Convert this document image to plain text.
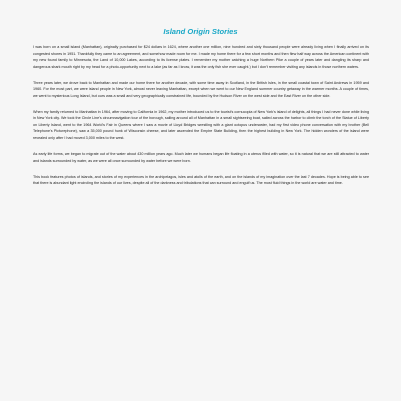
Island Origin Stories

I was born on a small island (Manhattan), originally purchased for $24 dollars in 1624, where another one million, nine hundred and sixty thousand people were already living when I finally arrived on its congested shores in 1951. Thankfully they came to an agreement, and somehow made room for me. I made my home there for a few short months and then flew half way across the American continent with my new found family to Minnesota, the Land of 10,000 Lakes, according to its license plates. I remember my mother catching a huge Northern Pike a couple of years later and dangling its sharp and dangerous shark mouth right by my head for a photo-opportunity next to a lake (as far as I know, it was the only fish she ever caught.) but I don't remember visiting any islands in those northern waters.

Three years later, we drove back to Manhattan and made our home there for another decade, with some time away in Scotland, in the British Isles, in the small coastal town of Saint Andrews in 1959 and 1960. For the most part, we were island people in New York, almost never leaving Manhattan, except when we went to our New England summer country getaway in the warmer months. A couple of times, we went to mysterious Long Island, but ours was a small and very geographically constrained life, bounded by the Hudson River on the west side and the East River on the other side.

When my family returned to Manhattan in 1964, after moving to California in 1962, my mother introduced us to the tourist's cornucopia of New York's island of delights, all things I had never done while living in New York city. We took the Circle Line's circumnavigation tour of the borough, sailing around all of Manhattan in a small sightseeing boat, sailed across the harbor to climb the torch of the Statue of Liberty on Liberty Island, went to the 1964 World's Fair in Queens where I saw a movie of Lloyd Bridges wrestling with a giant octopus underwater, had my first video phone conversation with my brother (Bell Telephone's Picturephone), saw a 35,000 pound hunk of Wisconsin cheese, and later ascended the Empire State Building, then the highest building in New York. The hidden wonders of the island were revealed only after I had moved 3,000 miles to the west.

As early life forms, we began to migrate out of the water about 430 million years ago. Much later we humans began life floating in a uterus filled with water, so it is natural that we are still attracted to water and islands surrounded by water, as we were all once surrounded by water before we were born.

This book features photos of islands, and stories of my experiences in the archipelagos, isles and atolls of the earth, and on the islands of my imagination over the last 7 decades. Hope is being able to see that there is abundant light encircling the islands of our lives, despite all of the darkness and tribulations that can surround and engulf us. The most fluid things in the world are water and time.
